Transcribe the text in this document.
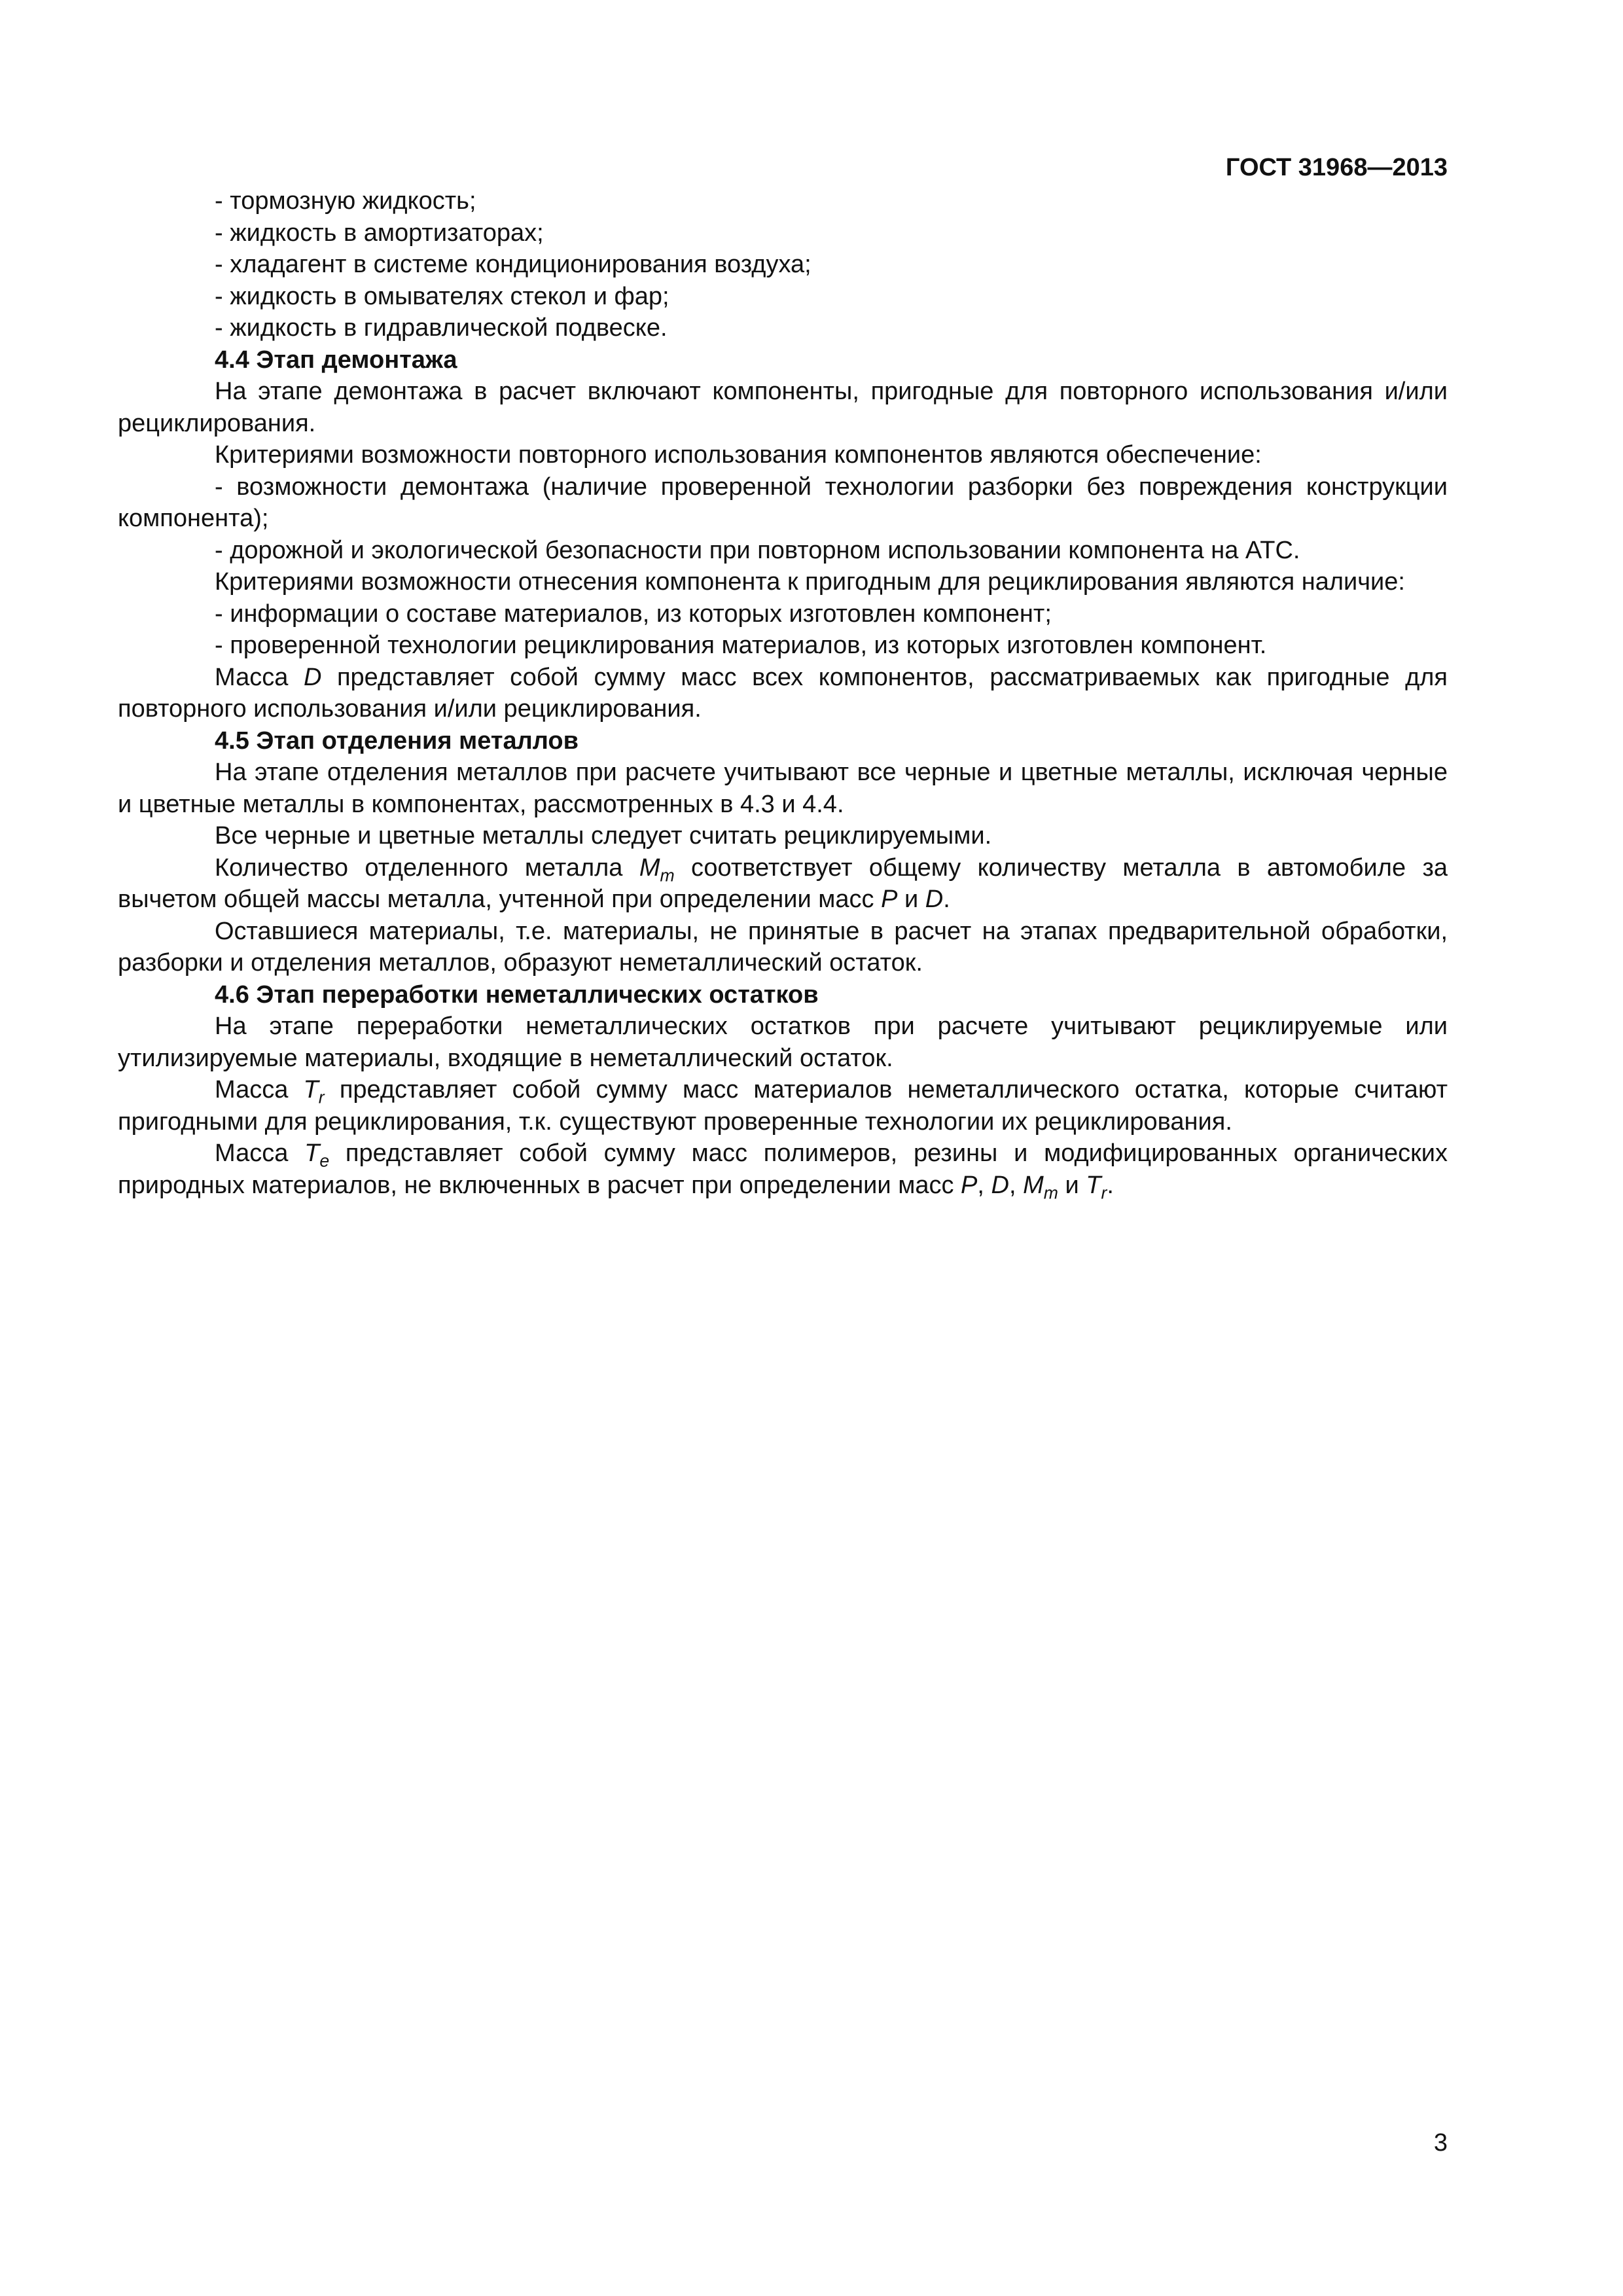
ГОСТ 31968—2013

- тормозную жидкость;

- жидкость в амортизаторах;

- хладагент в системе кондиционирования воздуха;

- жидкость в омывателях стекол и фар;

- жидкость в гидравлической подвеске.

4.4 Этап демонтажа

На этапе демонтажа в расчет включают компоненты, пригодные для повторного использования и/или рециклирования.

Критериями возможности повторного использования компонентов являются обеспечение:

- возможности демонтажа (наличие проверенной технологии разборки без повреждения конструкции компонента);

- дорожной и экологической безопасности при повторном использовании компонента на АТС.

Критериями возможности отнесения компонента к пригодным для рециклирования являются наличие:

- информации о составе материалов, из которых изготовлен компонент;

- проверенной технологии рециклирования материалов, из которых изготовлен компонент.

Масса D представляет собой сумму масс всех компонентов, рассматриваемых как пригодные для повторного использования и/или рециклирования.

4.5 Этап отделения металлов

На этапе отделения металлов при расчете учитывают все черные и цветные металлы, исключая черные и цветные металлы в компонентах, рассмотренных в 4.3 и 4.4.

Все черные и цветные металлы следует считать рециклируемыми.

Количество отделенного металла $M_m$ соответствует общему количеству металла в автомобиле за вычетом общей массы металла, учтенной при определении масс P и D.

Оставшиеся материалы, т.е. материалы, не принятые в расчет на этапах предварительной обработки, разборки и отделения металлов, образуют неметаллический остаток.

4.6 Этап переработки неметаллических остатков

На этапе переработки неметаллических остатков при расчете учитывают рециклируемые или утилизируемые материалы, входящие в неметаллический остаток.

Масса $T_r$ представляет собой сумму масс материалов неметаллического остатка, которые считают пригодными для рециклирования, т.к. существуют проверенные технологии их рециклирования.

Масса $T_e$ представляет собой сумму масс полимеров, резины и модифицированных органических природных материалов, не включенных в расчет при определении масс P, D, $M_m$ и $T_r$.

3
